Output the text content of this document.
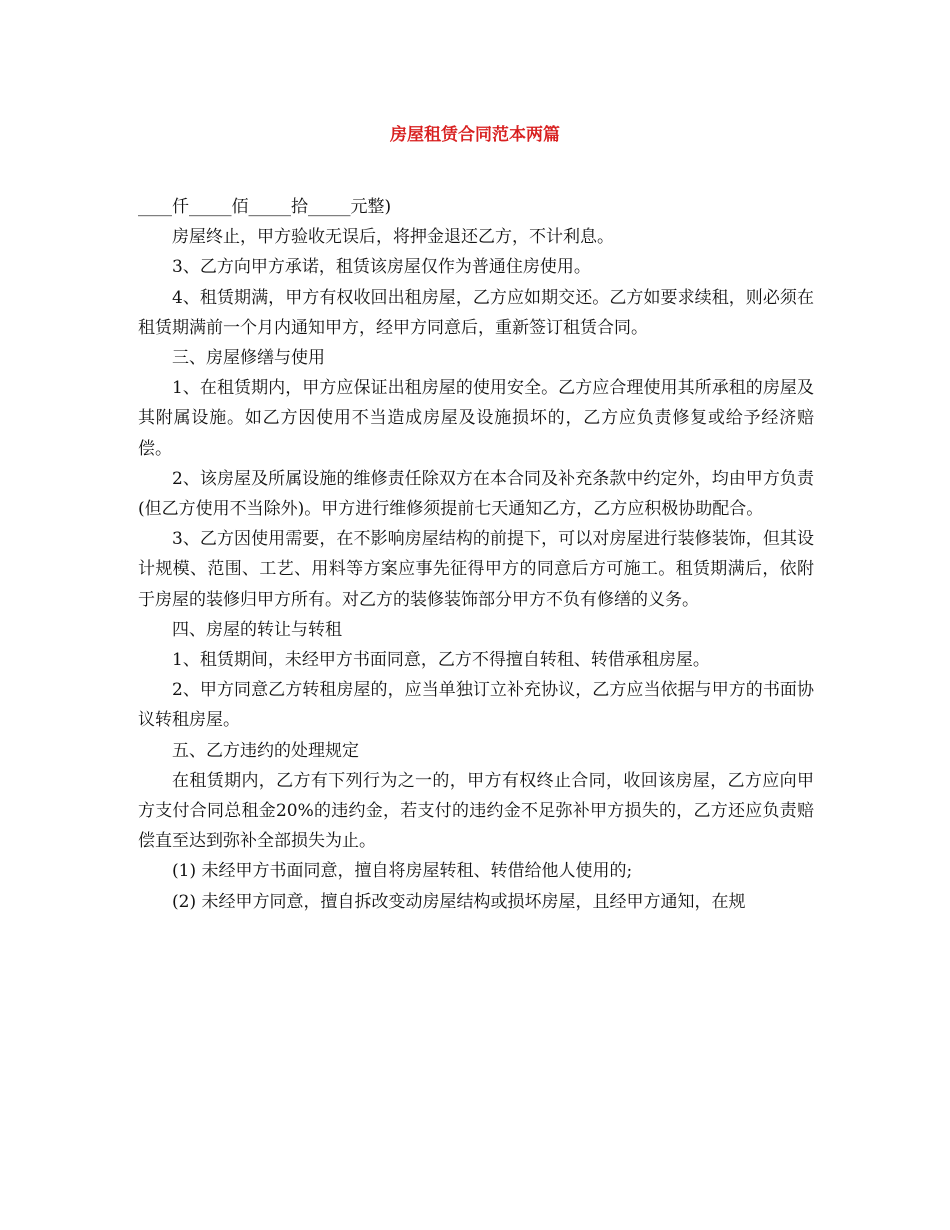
房屋租赁合同范本两篇

____仟_____佰_____拾_____元整)

房屋终止，甲方验收无误后，将押金退还乙方，不计利息。

3、乙方向甲方承诺，租赁该房屋仅作为普通住房使用。

4、租赁期满，甲方有权收回出租房屋，乙方应如期交还。乙方如要求续租，则必须在租赁期满前一个月内通知甲方，经甲方同意后，重新签订租赁合同。

三、房屋修缮与使用

1、在租赁期内，甲方应保证出租房屋的使用安全。乙方应合理使用其所承租的房屋及其附属设施。如乙方因使用不当造成房屋及设施损坏的，乙方应负责修复或给予经济赔偿。

2、该房屋及所属设施的维修责任除双方在本合同及补充条款中约定外，均由甲方负责(但乙方使用不当除外)。甲方进行维修须提前七天通知乙方，乙方应积极协助配合。

3、乙方因使用需要，在不影响房屋结构的前提下，可以对房屋进行装修装饰，但其设计规模、范围、工艺、用料等方案应事先征得甲方的同意后方可施工。租赁期满后，依附于房屋的装修归甲方所有。对乙方的装修装饰部分甲方不负有修缮的义务。

四、房屋的转让与转租

1、租赁期间，未经甲方书面同意，乙方不得擅自转租、转借承租房屋。

2、甲方同意乙方转租房屋的，应当单独订立补充协议，乙方应当依据与甲方的书面协议转租房屋。

五、乙方违约的处理规定

在租赁期内，乙方有下列行为之一的，甲方有权终止合同，收回该房屋，乙方应向甲方支付合同总租金20%的违约金，若支付的违约金不足弥补甲方损失的，乙方还应负责赔偿直至达到弥补全部损失为止。

(1) 未经甲方书面同意，擅自将房屋转租、转借给他人使用的;

(2) 未经甲方同意，擅自拆改变动房屋结构或损坏房屋，且经甲方通知，在规
